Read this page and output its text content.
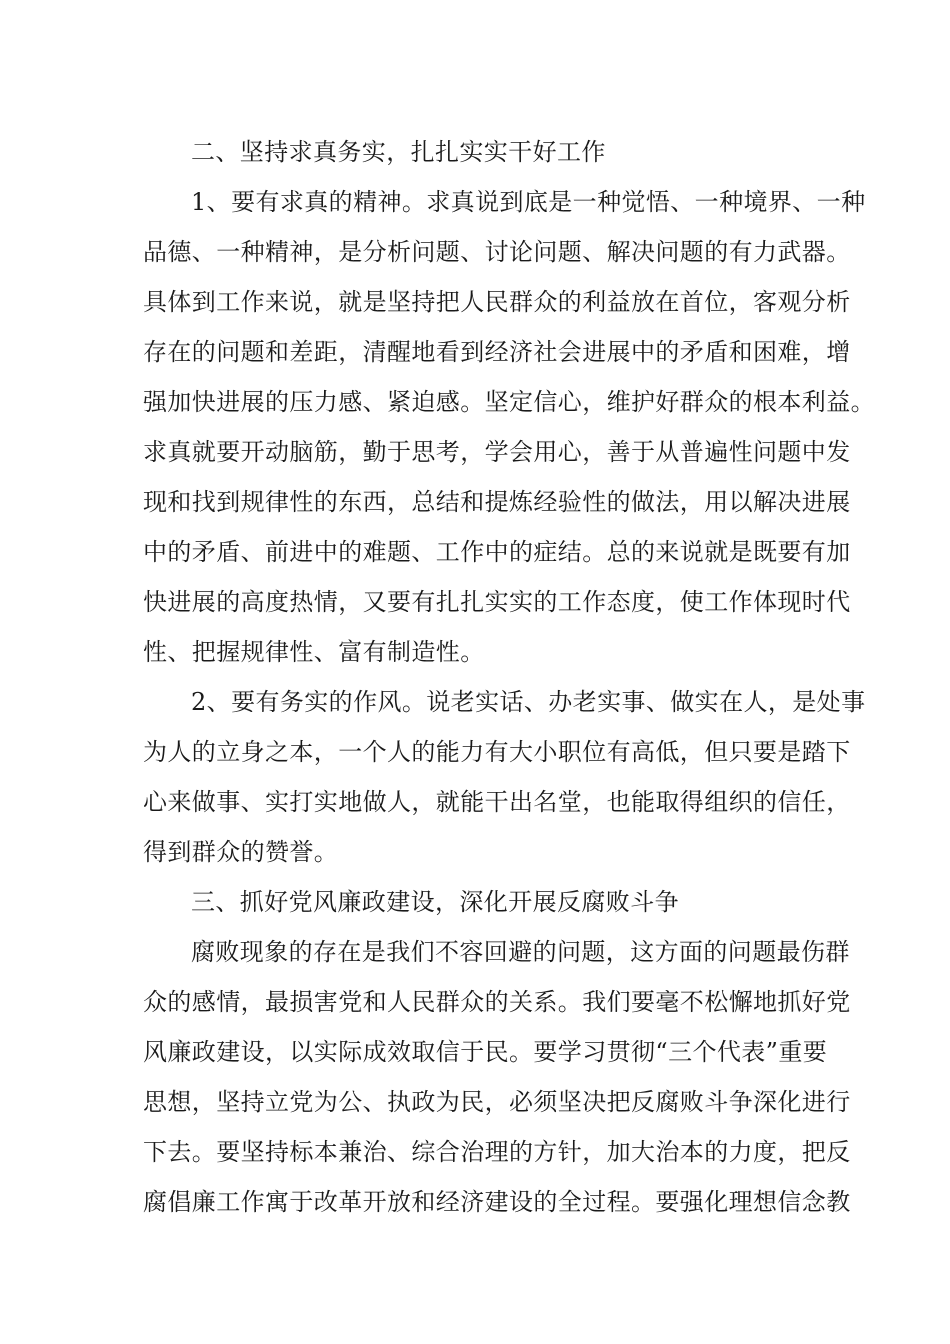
二、坚持求真务实，扎扎实实干好工作
1、要有求真的精神。求真说到底是一种觉悟、一种境界、一种
品德、一种精神，是分析问题、讨论问题、解决问题的有力武器。
具体到工作来说，就是坚持把人民群众的利益放在首位，客观分析
存在的问题和差距，清醒地看到经济社会进展中的矛盾和困难，增
强加快进展的压力感、紧迫感。坚定信心，维护好群众的根本利益。
求真就要开动脑筋，勤于思考，学会用心，善于从普遍性问题中发
现和找到规律性的东西，总结和提炼经验性的做法，用以解决进展
中的矛盾、前进中的难题、工作中的症结。总的来说就是既要有加
快进展的高度热情，又要有扎扎实实的工作态度，使工作体现时代
性、把握规律性、富有制造性。
2、要有务实的作风。说老实话、办老实事、做实在人，是处事
为人的立身之本，一个人的能力有大小职位有高低，但只要是踏下
心来做事、实打实地做人，就能干出名堂，也能取得组织的信任，
得到群众的赞誉。
三、抓好党风廉政建设，深化开展反腐败斗争
腐败现象的存在是我们不容回避的问题，这方面的问题最伤群
众的感情，最损害党和人民群众的关系。我们要毫不松懈地抓好党
风廉政建设，以实际成效取信于民。要学习贯彻“三个代表”重要
思想，坚持立党为公、执政为民，必须坚决把反腐败斗争深化进行
下去。要坚持标本兼治、综合治理的方针，加大治本的力度，把反
腐倡廉工作寓于改革开放和经济建设的全过程。要强化理想信念教
